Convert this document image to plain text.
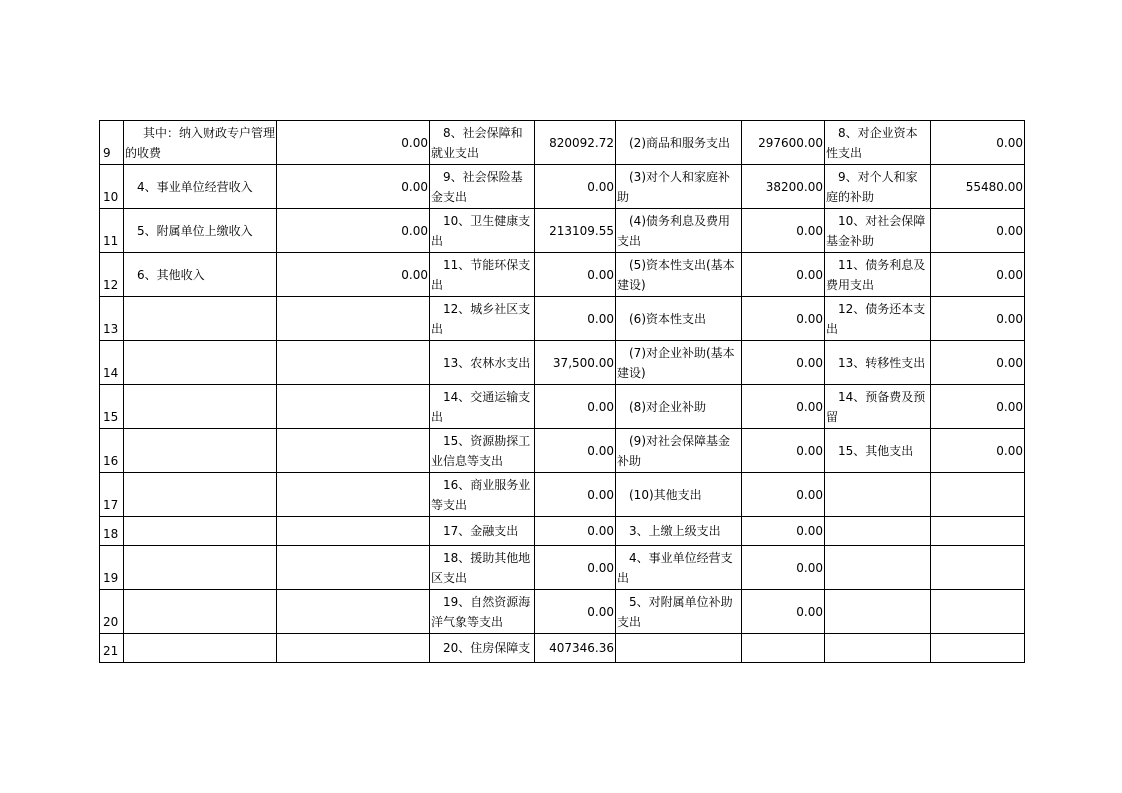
9	其中：纳入财政专户管理的收费	0.00	8、社会保障和就业支出	820092.72	(2)商品和服务支出	297600.00	8、对企业资本性支出	0.00
10	4、事业单位经营收入	0.00	9、社会保险基金支出	0.00	(3)对个人和家庭补助	38200.00	9、对个人和家庭的补助	55480.00
11	5、附属单位上缴收入	0.00	10、卫生健康支出	213109.55	(4)债务利息及费用支出	0.00	10、对社会保障基金补助	0.00
12	6、其他收入	0.00	11、节能环保支出	0.00	(5)资本性支出(基本建设)	0.00	11、债务利息及费用支出	0.00
13			12、城乡社区支出	0.00	(6)资本性支出	0.00	12、债务还本支出	0.00
14			13、农林水支出	37,500.00	(7)对企业补助(基本建设)	0.00	13、转移性支出	0.00
15			14、交通运输支出	0.00	(8)对企业补助	0.00	14、预备费及预留	0.00
16			15、资源勘探工业信息等支出	0.00	(9)对社会保障基金补助	0.00	15、其他支出	0.00
17			16、商业服务业等支出	0.00	(10)其他支出	0.00	

18			17、金融支出	0.00	3、上缴上级支出	0.00	

19			18、援助其他地区支出	0.00	4、事业单位经营支出	0.00	

20			19、自然资源海洋气象等支出	0.00	5、对附属单位补助支出	0.00	

21			20、住房保障支	407346.36	
